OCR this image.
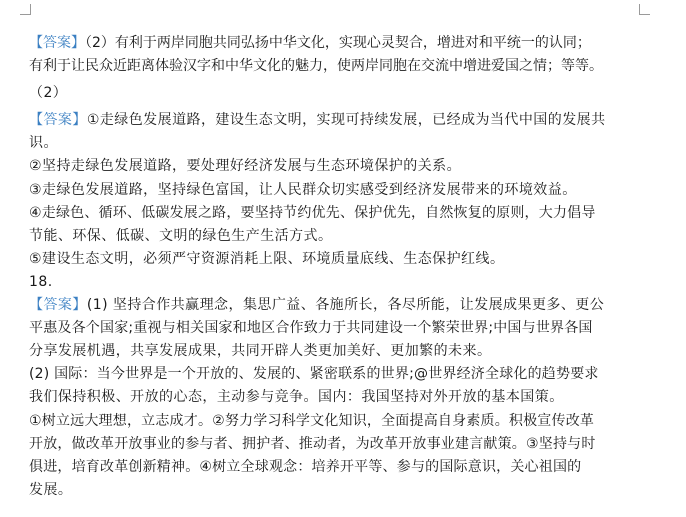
【答案】（2）有利于两岸同胞共同弘扬中华文化，实现心灵契合，增进对和平统一的认同；
有利于让民众近距离体验汉字和中华文化的魅力，使两岸同胞在交流中增进爱国之情；等等。
（2）
【答案】①走绿色发展道路，建设生态文明，实现可持续发展，已经成为当代中国的发展共
识。
②坚持走绿色发展道路，要处理好经济发展与生态环境保护的关系。
③走绿色发展道路，坚持绿色富国，让人民群众切实感受到经济发展带来的环境效益。
④走绿色、循环、低碳发展之路，要坚持节约优先、保护优先，自然恢复的原则，大力倡导
节能、环保、低碳、文明的绿色生产生活方式。
⑤建设生态文明，必须严守资源消耗上限、环境质量底线、生态保护红线。
18.
【答案】(1) 坚持合作共赢理念，集思广益、各施所长，各尽所能，让发展成果更多、更公
平惠及各个国家;重视与相关国家和地区合作致力于共同建设一个繁荣世界;中国与世界各国
分享发展机遇，共享发展成果，共同开辟人类更加美好、更加繁的未来。
(2) 国际：当今世界是一个开放的、发展的、紧密联系的世界;@世界经济全球化的趋势要求
我们保持积极、开放的心态，主动参与竞争。国内：我国坚持对外开放的基本国策。
①树立远大理想，立志成才。②努力学习科学文化知识，全面提高自身素质。积极宣传改革
开放，做改革开放事业的参与者、拥护者、推动者，为改革开放事业建言献策。③坚持与时
俱进，培育改革创新精神。④树立全球观念：培养开平等、参与的国际意识，关心祖国的
发展。
